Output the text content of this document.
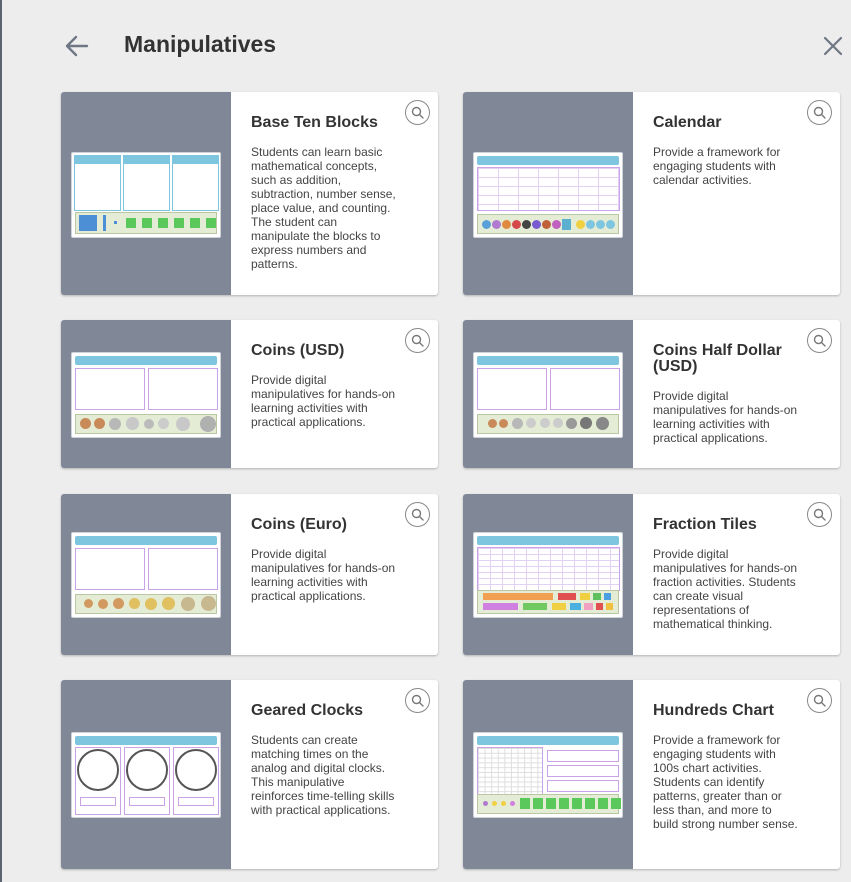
Manipulatives
Base Ten Blocks
Students can learn basic mathematical concepts, such as addition, subtraction, number sense, place value, and counting. The student can manipulate the blocks to express numbers and patterns.
Calendar
Provide a framework for engaging students with calendar activities.
Coins (USD)
Provide digital manipulatives for hands-on learning activities with practical applications.
Coins Half Dollar (USD)
Provide digital manipulatives for hands-on learning activities with practical applications.
Coins (Euro)
Provide digital manipulatives for hands-on learning activities with practical applications.
Fraction Tiles
Provide digital manipulatives for hands-on fraction activities. Students can create visual representations of mathematical thinking.
Geared Clocks
Students can create matching times on the analog and digital clocks. This manipulative reinforces time-telling skills with practical applications.
Hundreds Chart
Provide a framework for engaging students with 100s chart activities. Students can identify patterns, greater than or less than, and more to build strong number sense.
